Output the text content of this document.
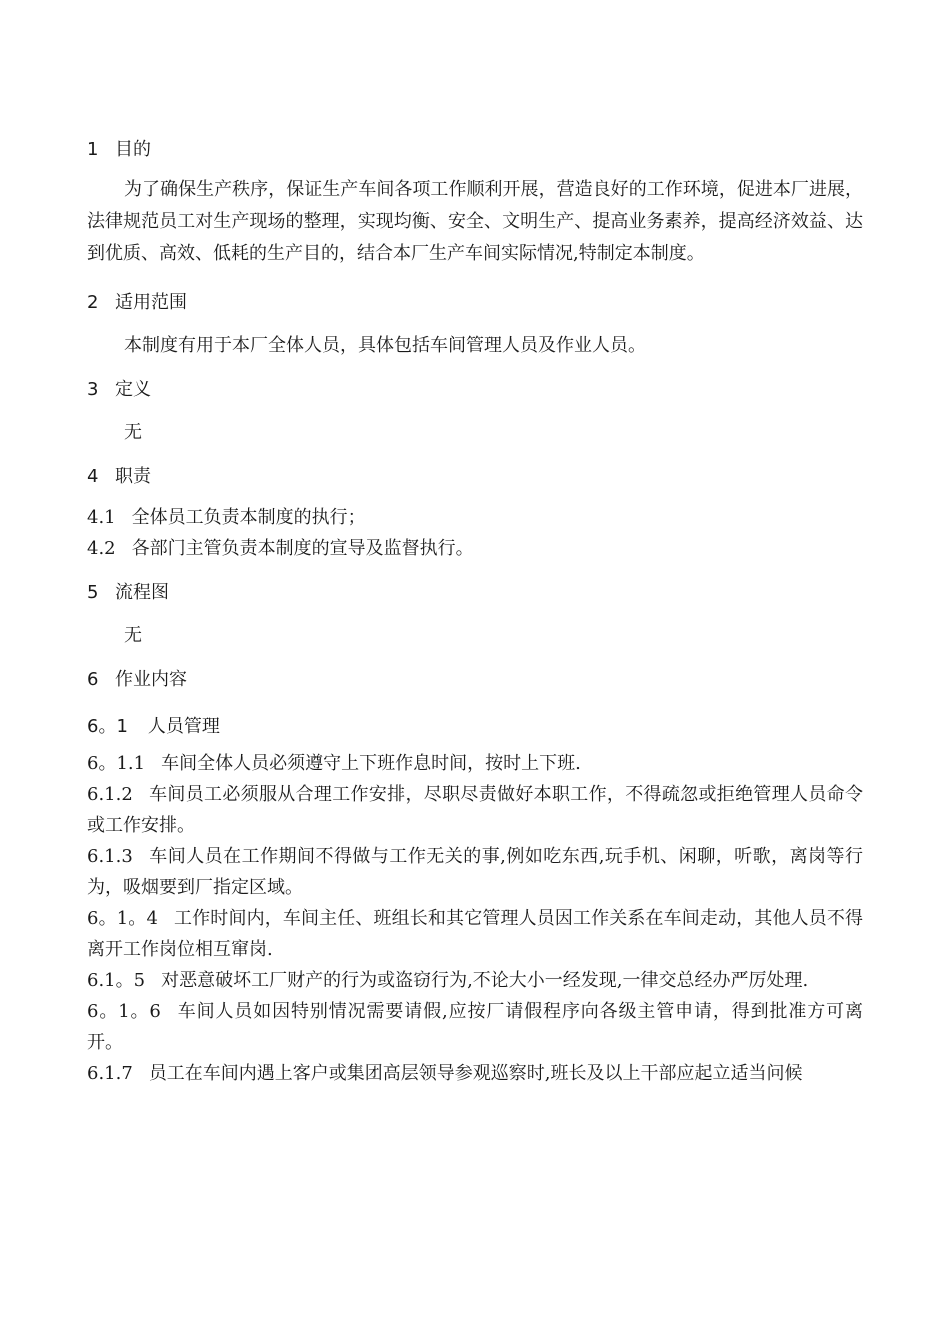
1 目的
为了确保生产秩序，保证生产车间各项工作顺利开展，营造良好的工作环境，促进本厂进展，法律规范员工对生产现场的整理，实现均衡、安全、文明生产、提高业务素养，提高经济效益、达到优质、高效、低耗的生产目的，结合本厂生产车间实际情况,特制定本制度。
2 适用范围
本制度有用于本厂全体人员，具体包括车间管理人员及作业人员。
3 定义
无
4 职责
4.1 全体员工负责本制度的执行；
4.2 各部门主管负责本制度的宣导及监督执行。
5 流程图
无
6 作业内容
6。1 人员管理
6。1.1 车间全体人员必须遵守上下班作息时间，按时上下班.
6.1.2 车间员工必须服从合理工作安排，尽职尽责做好本职工作，不得疏忽或拒绝管理人员命令或工作安排。
6.1.3 车间人员在工作期间不得做与工作无关的事,例如吃东西,玩手机、闲聊，听歌，离岗等行为，吸烟要到厂指定区域。
6。1。4 工作时间内，车间主任、班组长和其它管理人员因工作关系在车间走动，其他人员不得离开工作岗位相互窜岗.
6.1。5 对恶意破坏工厂财产的行为或盗窃行为,不论大小一经发现,一律交总经办严厉处理.
6。1。6 车间人员如因特别情况需要请假,应按厂请假程序向各级主管申请，得到批准方可离开。
6.1.7 员工在车间内遇上客户或集团高层领导参观巡察时,班长及以上干部应起立适当问候
